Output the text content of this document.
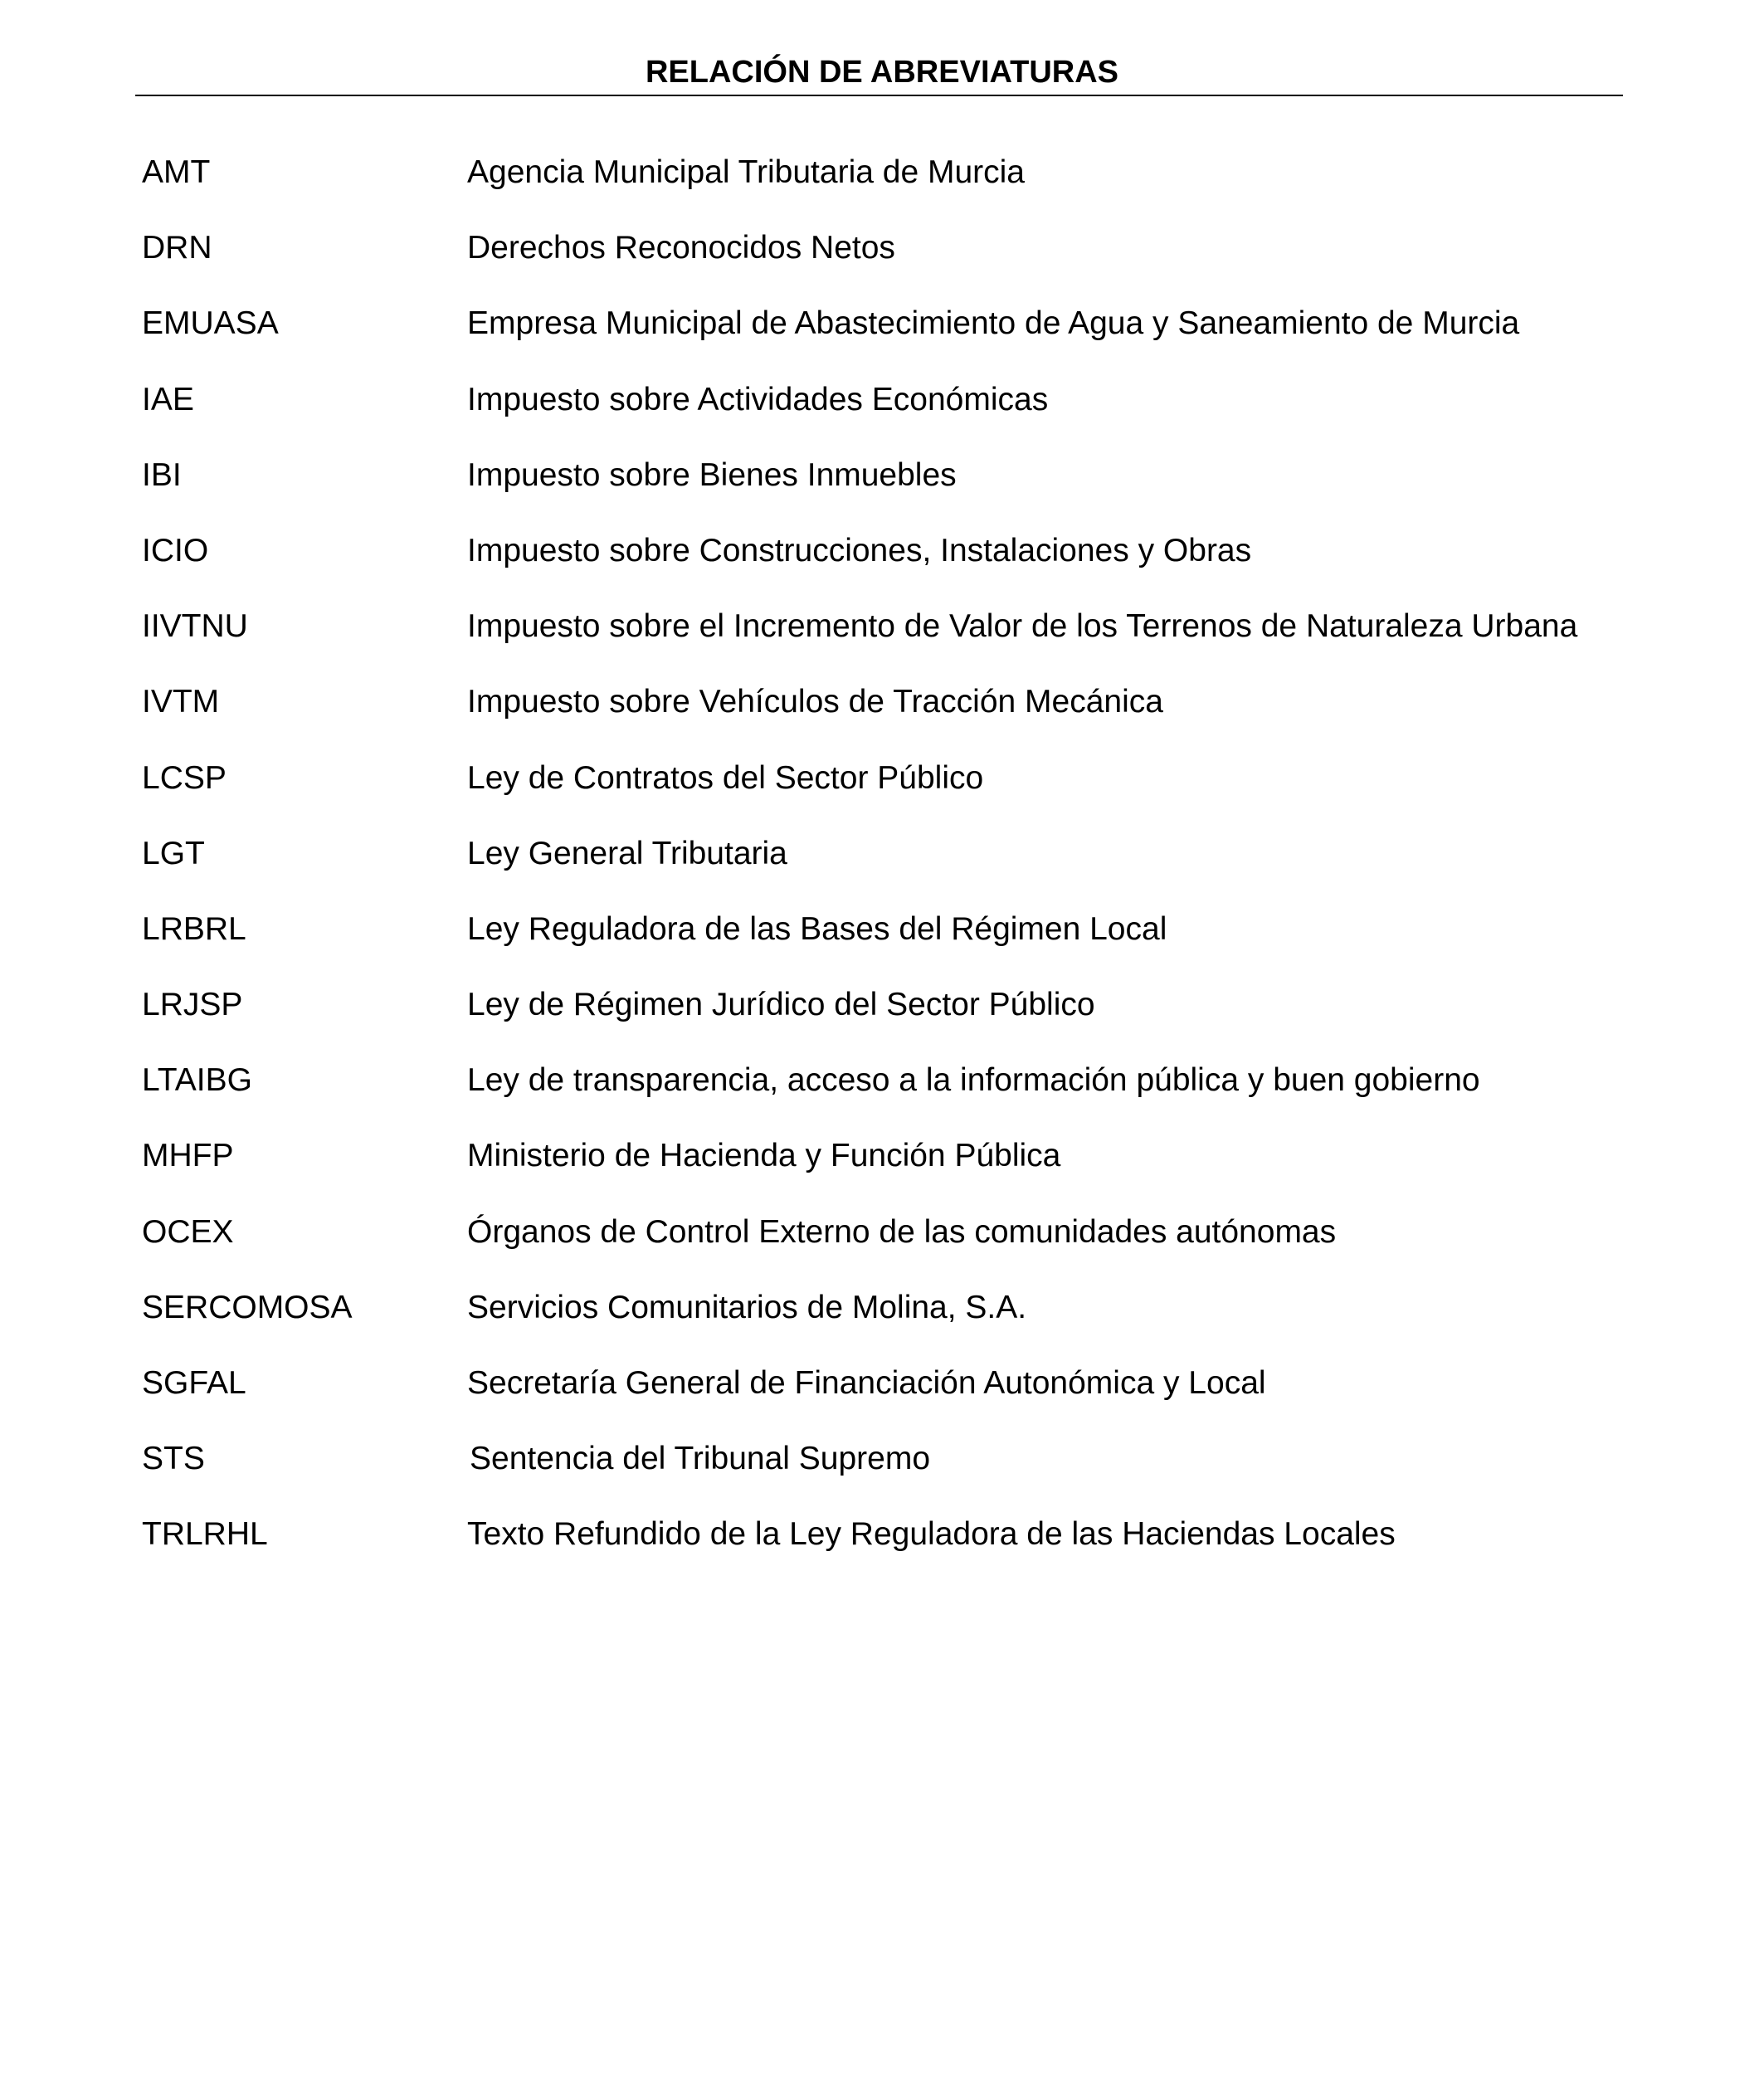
RELACIÓN DE ABREVIATURAS
AMT	Agencia Municipal Tributaria de Murcia
DRN	Derechos Reconocidos Netos
EMUASA	Empresa Municipal de Abastecimiento de Agua y Saneamiento de Murcia
IAE	Impuesto sobre Actividades Económicas
IBI	Impuesto sobre Bienes Inmuebles
ICIO	Impuesto sobre Construcciones, Instalaciones y Obras
IIVTNU	Impuesto sobre el Incremento de Valor de los Terrenos de Naturaleza Urbana
IVTM	Impuesto sobre Vehículos de Tracción Mecánica
LCSP	Ley de Contratos del Sector Público
LGT	Ley General Tributaria
LRBRL	Ley Reguladora de las Bases del Régimen Local
LRJSP	Ley de Régimen Jurídico del Sector Público
LTAIBG	Ley de transparencia, acceso a la información pública y buen gobierno
MHFP	Ministerio de Hacienda y Función Pública
OCEX	Órganos de Control Externo de las comunidades autónomas
SERCOMOSA	Servicios Comunitarios de Molina, S.A.
SGFAL	Secretaría General de Financiación Autonómica y Local
STS	Sentencia del Tribunal Supremo
TRLRHL	Texto Refundido de la Ley Reguladora de las Haciendas Locales
